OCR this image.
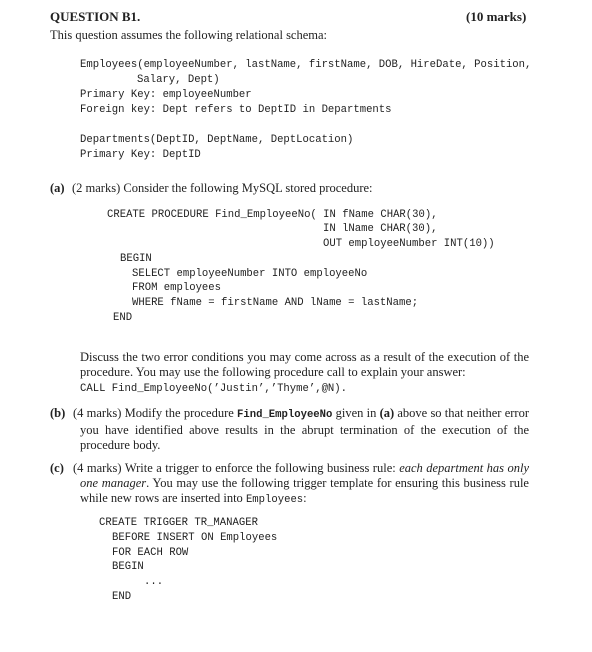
QUESTION B1.	(10 marks)
This question assumes the following relational schema:
Employees(employeeNumber, lastName, firstName, DOB, HireDate, Position,
Salary, Dept)
Primary Key: employeeNumber
Foreign key: Dept refers to DeptID in Departments
Departments(DeptID, DeptName, DeptLocation)
Primary Key: DeptID
(a) (2 marks) Consider the following MySQL stored procedure:
CREATE PROCEDURE Find_EmployeeNo( IN fName CHAR(30),
IN lName CHAR(30),
OUT employeeNumber INT(10))
BEGIN
SELECT employeeNumber INTO employeeNo
FROM employees
WHERE fName = firstName AND lName = lastName;
END
Discuss the two error conditions you may come across as a result of the execution of the procedure. You may use the following procedure call to explain your answer:
CALL Find_EmployeeNo(’Justin’,’Thyme’,@N).
(b) (4 marks) Modify the procedure Find_EmployeeNo given in (a) above so that neither error you have identified above results in the abrupt termination of the execution of the procedure body.
(c) (4 marks) Write a trigger to enforce the following business rule: each department has only one manager. You may use the following trigger template for ensuring this business rule while new rows are inserted into Employees:
CREATE TRIGGER TR_MANAGER
BEFORE INSERT ON Employees
FOR EACH ROW
BEGIN
...
END
